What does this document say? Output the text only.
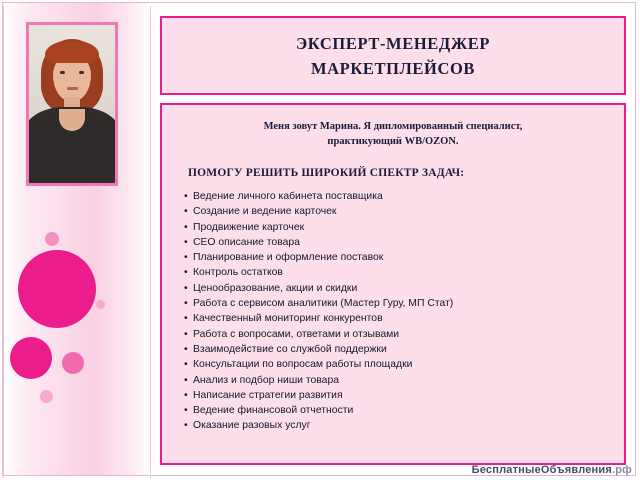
ЭКСПЕРТ-МЕНЕДЖЕР
МАРКЕТПЛЕЙСОВ
Меня зовут Марина. Я дипломированный специалист,
практикующий WB/OZON.
ПОМОГУ РЕШИТЬ ШИРОКИЙ СПЕКТР ЗАДАЧ:
• Ведение личного кабинета поставщика
• Создание и ведение карточек
• Продвижение карточек
• СЕО описание товара
• Планирование и оформление поставок
• Контроль остатков
• Ценообразование, акции и скидки
• Работа с сервисом аналитики (Мастер Гуру, МП Стат)
• Качественный мониторинг конкурентов
• Работа с вопросами, ответами и отзывами
• Взаимодействие со службой поддержки
• Консультации по вопросам работы площадки
• Анализ и подбор ниши товара
• Написание стратегии развития
• Ведение финансовой отчетности
• Оказание разовых услуг
БесплатныеОбъявления.рф
